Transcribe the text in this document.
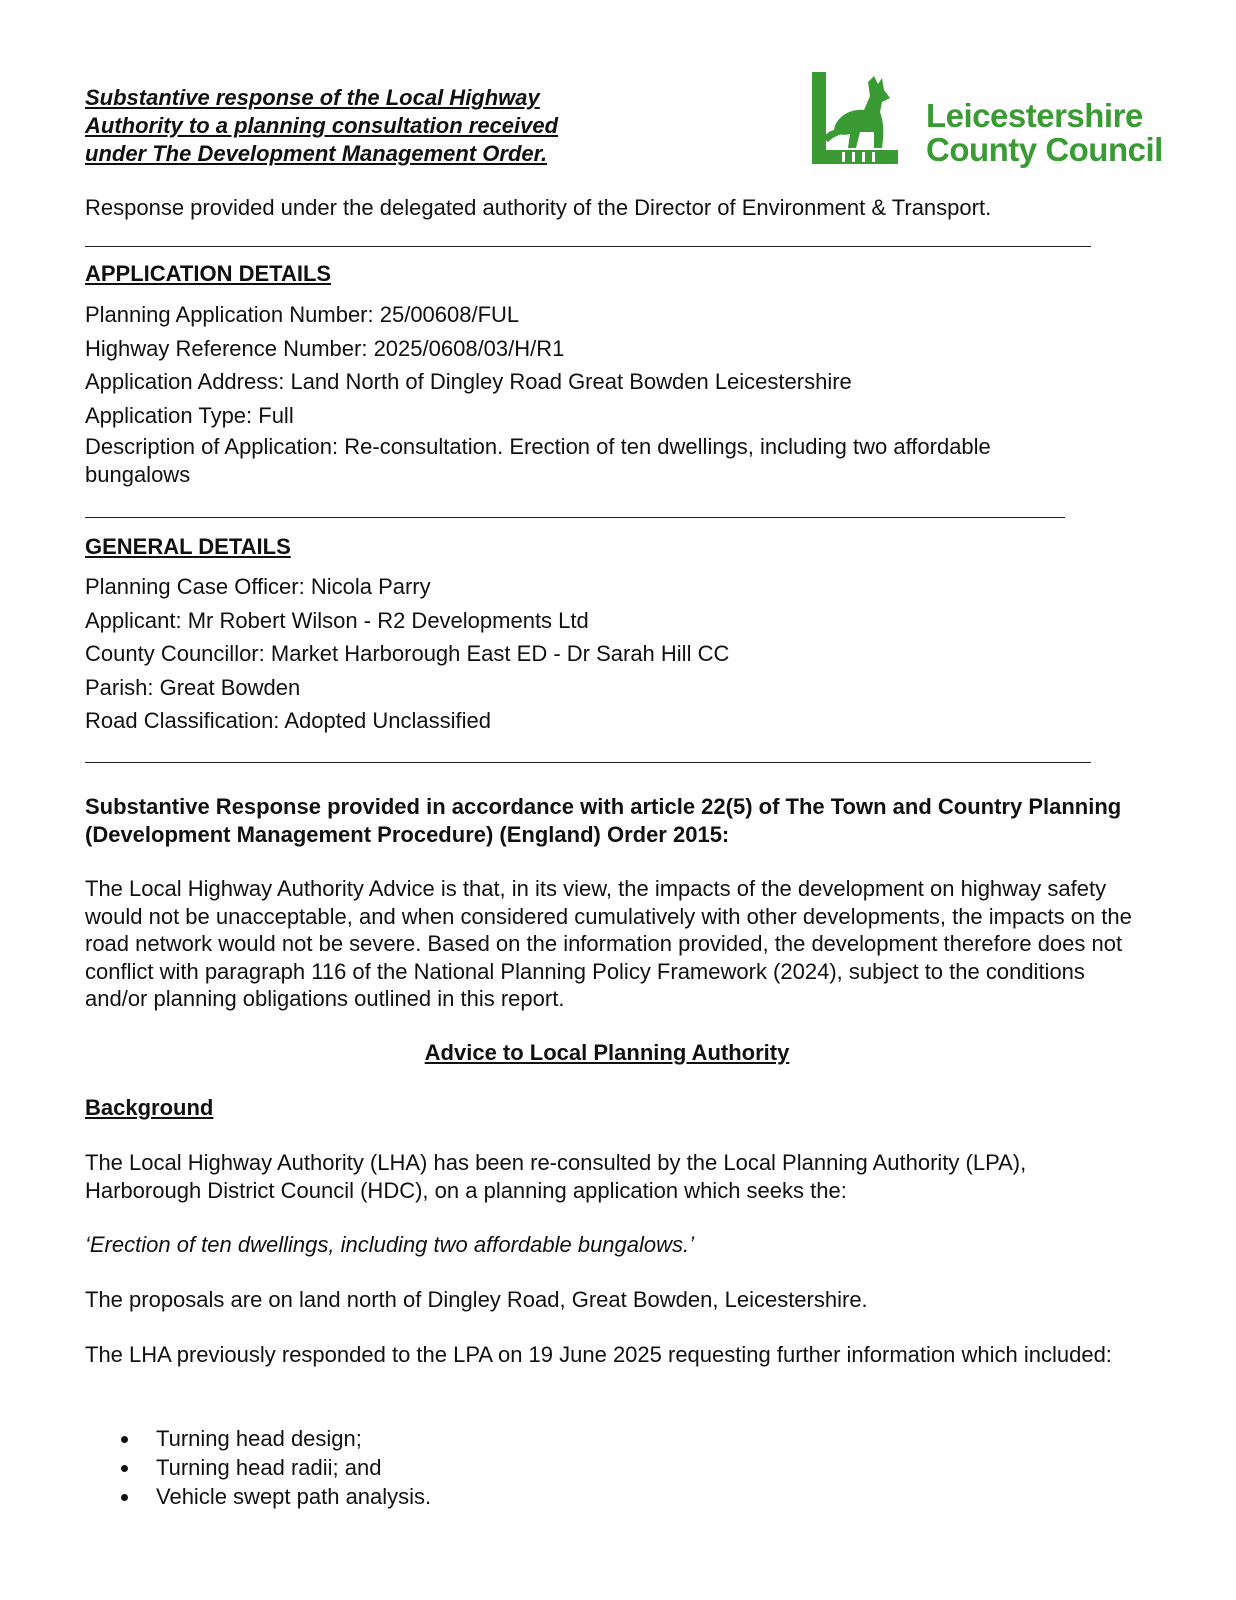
Substantive response of the Local Highway
Authority to a planning consultation received
under The Development Management Order.
Leicestershire
County Council
Response provided under the delegated authority of the Director of Environment & Transport.
APPLICATION DETAILS
Planning Application Number: 25/00608/FUL
Highway Reference Number: 2025/0608/03/H/R1
Application Address: Land North of Dingley Road Great Bowden Leicestershire
Application Type: Full
Description of Application: Re-consultation. Erection of ten dwellings, including two affordable bungalows
GENERAL DETAILS
Planning Case Officer: Nicola Parry
Applicant: Mr Robert Wilson - R2 Developments Ltd
County Councillor: Market Harborough East ED - Dr Sarah Hill CC
Parish: Great Bowden
Road Classification: Adopted Unclassified
Substantive Response provided in accordance with article 22(5) of The Town and Country Planning (Development Management Procedure) (England) Order 2015:
The Local Highway Authority Advice is that, in its view, the impacts of the development on highway safety would not be unacceptable, and when considered cumulatively with other developments, the impacts on the road network would not be severe. Based on the information provided, the development therefore does not conflict with paragraph 116 of the National Planning Policy Framework (2024), subject to the conditions and/or planning obligations outlined in this report.
Advice to Local Planning Authority
Background
The Local Highway Authority (LHA) has been re-consulted by the Local Planning Authority (LPA), Harborough District Council (HDC), on a planning application which seeks the:
‘Erection of ten dwellings, including two affordable bungalows.’
The proposals are on land north of Dingley Road, Great Bowden, Leicestershire.
The LHA previously responded to the LPA on 19 June 2025 requesting further information which included:
Turning head design;
Turning head radii; and
Vehicle swept path analysis.
